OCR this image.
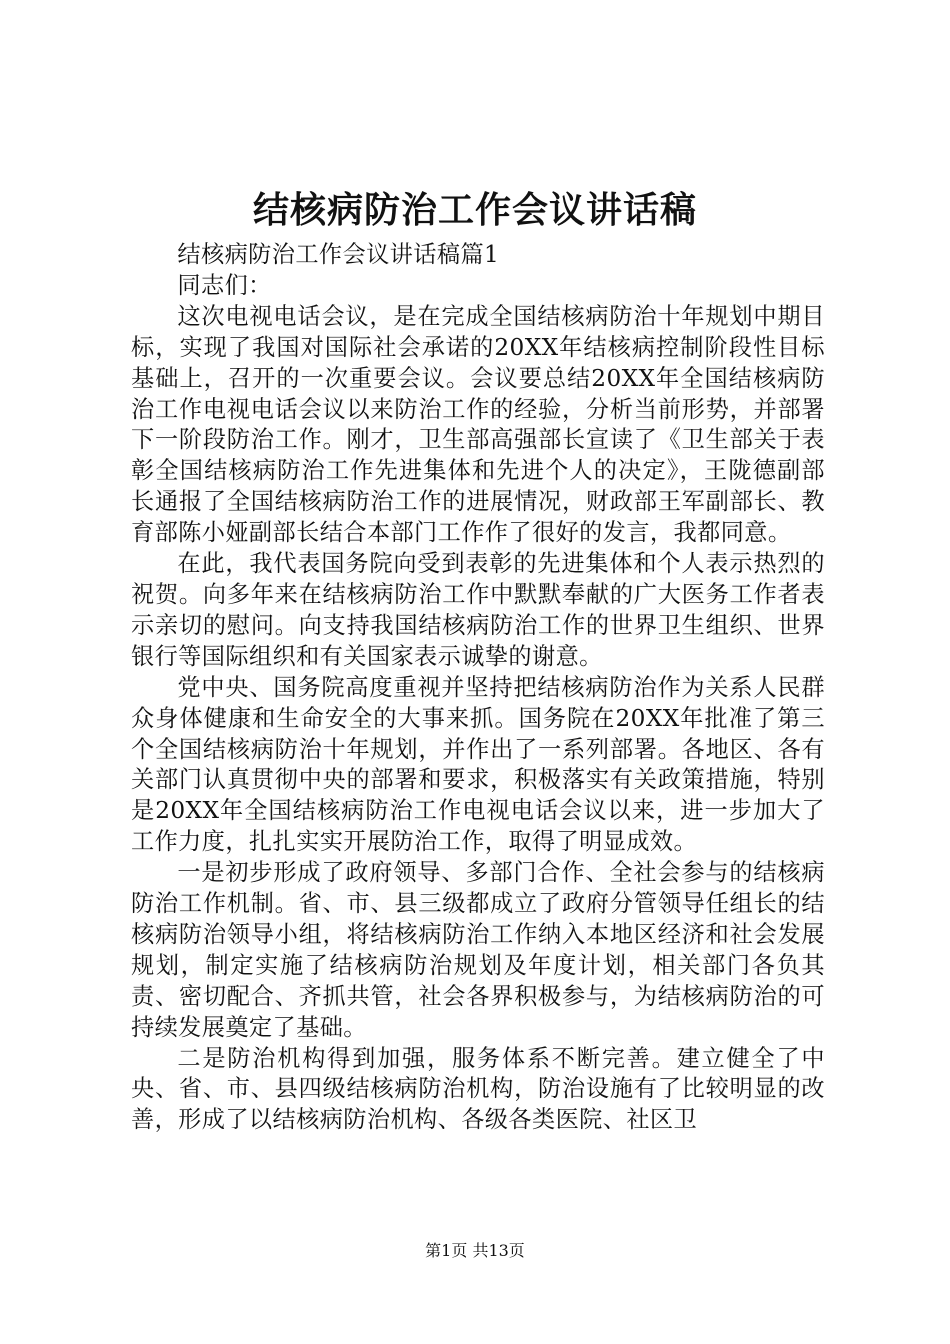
结核病防治工作会议讲话稿

结核病防治工作会议讲话稿篇1

同志们：

这次电视电话会议，是在完成全国结核病防治十年规划中期目标，实现了我国对国际社会承诺的20XX年结核病控制阶段性目标基础上，召开的一次重要会议。会议要总结20XX年全国结核病防治工作电视电话会议以来防治工作的经验，分析当前形势，并部署下一阶段防治工作。刚才，卫生部高强部长宣读了《卫生部关于表彰全国结核病防治工作先进集体和先进个人的决定》，王陇德副部长通报了全国结核病防治工作的进展情况，财政部王军副部长、教育部陈小娅副部长结合本部门工作作了很好的发言，我都同意。

在此，我代表国务院向受到表彰的先进集体和个人表示热烈的祝贺。向多年来在结核病防治工作中默默奉献的广大医务工作者表示亲切的慰问。向支持我国结核病防治工作的世界卫生组织、世界银行等国际组织和有关国家表示诚挚的谢意。

党中央、国务院高度重视并坚持把结核病防治作为关系人民群众身体健康和生命安全的大事来抓。国务院在20XX年批准了第三个全国结核病防治十年规划，并作出了一系列部署。各地区、各有关部门认真贯彻中央的部署和要求，积极落实有关政策措施，特别是20XX年全国结核病防治工作电视电话会议以来，进一步加大了工作力度，扎扎实实开展防治工作，取得了明显成效。

一是初步形成了政府领导、多部门合作、全社会参与的结核病防治工作机制。省、市、县三级都成立了政府分管领导任组长的结核病防治领导小组，将结核病防治工作纳入本地区经济和社会发展规划，制定实施了结核病防治规划及年度计划，相关部门各负其责、密切配合、齐抓共管，社会各界积极参与，为结核病防治的可持续发展奠定了基础。

二是防治机构得到加强，服务体系不断完善。建立健全了中央、省、市、县四级结核病防治机构，防治设施有了比较明显的改善，形成了以结核病防治机构、各级各类医院、社区卫

第1页 共13页
